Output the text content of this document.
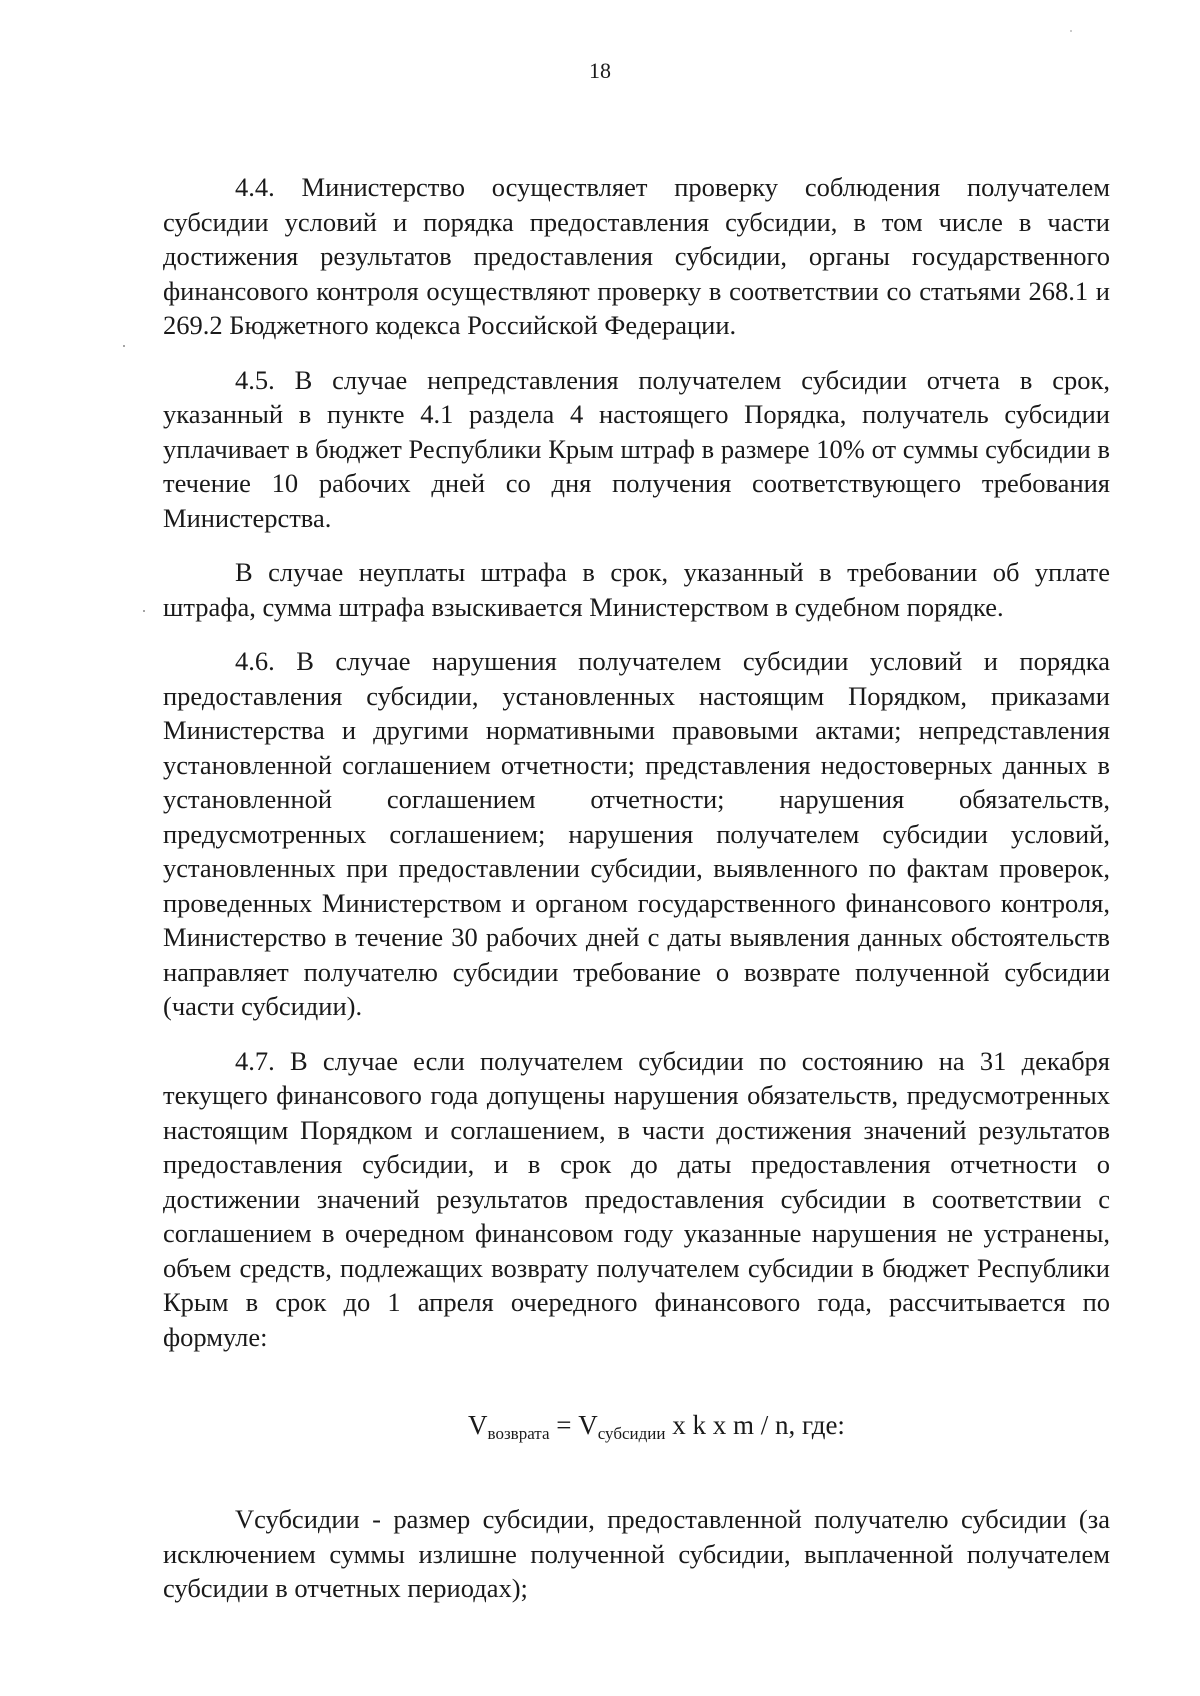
18

4.4. Министерство осуществляет проверку соблюдения получателем субсидии условий и порядка предоставления субсидии, в том числе в части достижения результатов предоставления субсидии, органы государственного финансового контроля осуществляют проверку в соответствии со статьями 268.1 и 269.2 Бюджетного кодекса Российской Федерации.

4.5. В случае непредставления получателем субсидии отчета в срок, указанный в пункте 4.1 раздела 4 настоящего Порядка, получатель субсидии уплачивает в бюджет Республики Крым штраф в размере 10% от суммы субсидии в течение 10 рабочих дней со дня получения соответствующего требования Министерства.

В случае неуплаты штрафа в срок, указанный в требовании об уплате штрафа, сумма штрафа взыскивается Министерством в судебном порядке.

4.6. В случае нарушения получателем субсидии условий и порядка предоставления субсидии, установленных настоящим Порядком, приказами Министерства и другими нормативными правовыми актами; непредставления установленной соглашением отчетности; представления недостоверных данных в установленной соглашением отчетности; нарушения обязательств, предусмотренных соглашением; нарушения получателем субсидии условий, установленных при предоставлении субсидии, выявленного по фактам проверок, проведенных Министерством и органом государственного финансового контроля, Министерство в течение 30 рабочих дней с даты выявления данных обстоятельств направляет получателю субсидии требование о возврате полученной субсидии (части субсидии).

4.7. В случае если получателем субсидии по состоянию на 31 декабря текущего финансового года допущены нарушения обязательств, предусмотренных настоящим Порядком и соглашением, в части достижения значений результатов предоставления субсидии, и в срок до даты предоставления отчетности о достижении значений результатов предоставления субсидии в соответствии с соглашением в очередном финансовом году указанные нарушения не устранены, объем средств, подлежащих возврату получателем субсидии в бюджет Республики Крым в срок до 1 апреля очередного финансового года, рассчитывается по формуле:

$V_{возврата} = V_{субсидии}$ x k x m / n, где:

Vсубсидии - размер субсидии, предоставленной получателю субсидии (за исключением суммы излишне полученной субсидии, выплаченной получателем субсидии в отчетных периодах);
